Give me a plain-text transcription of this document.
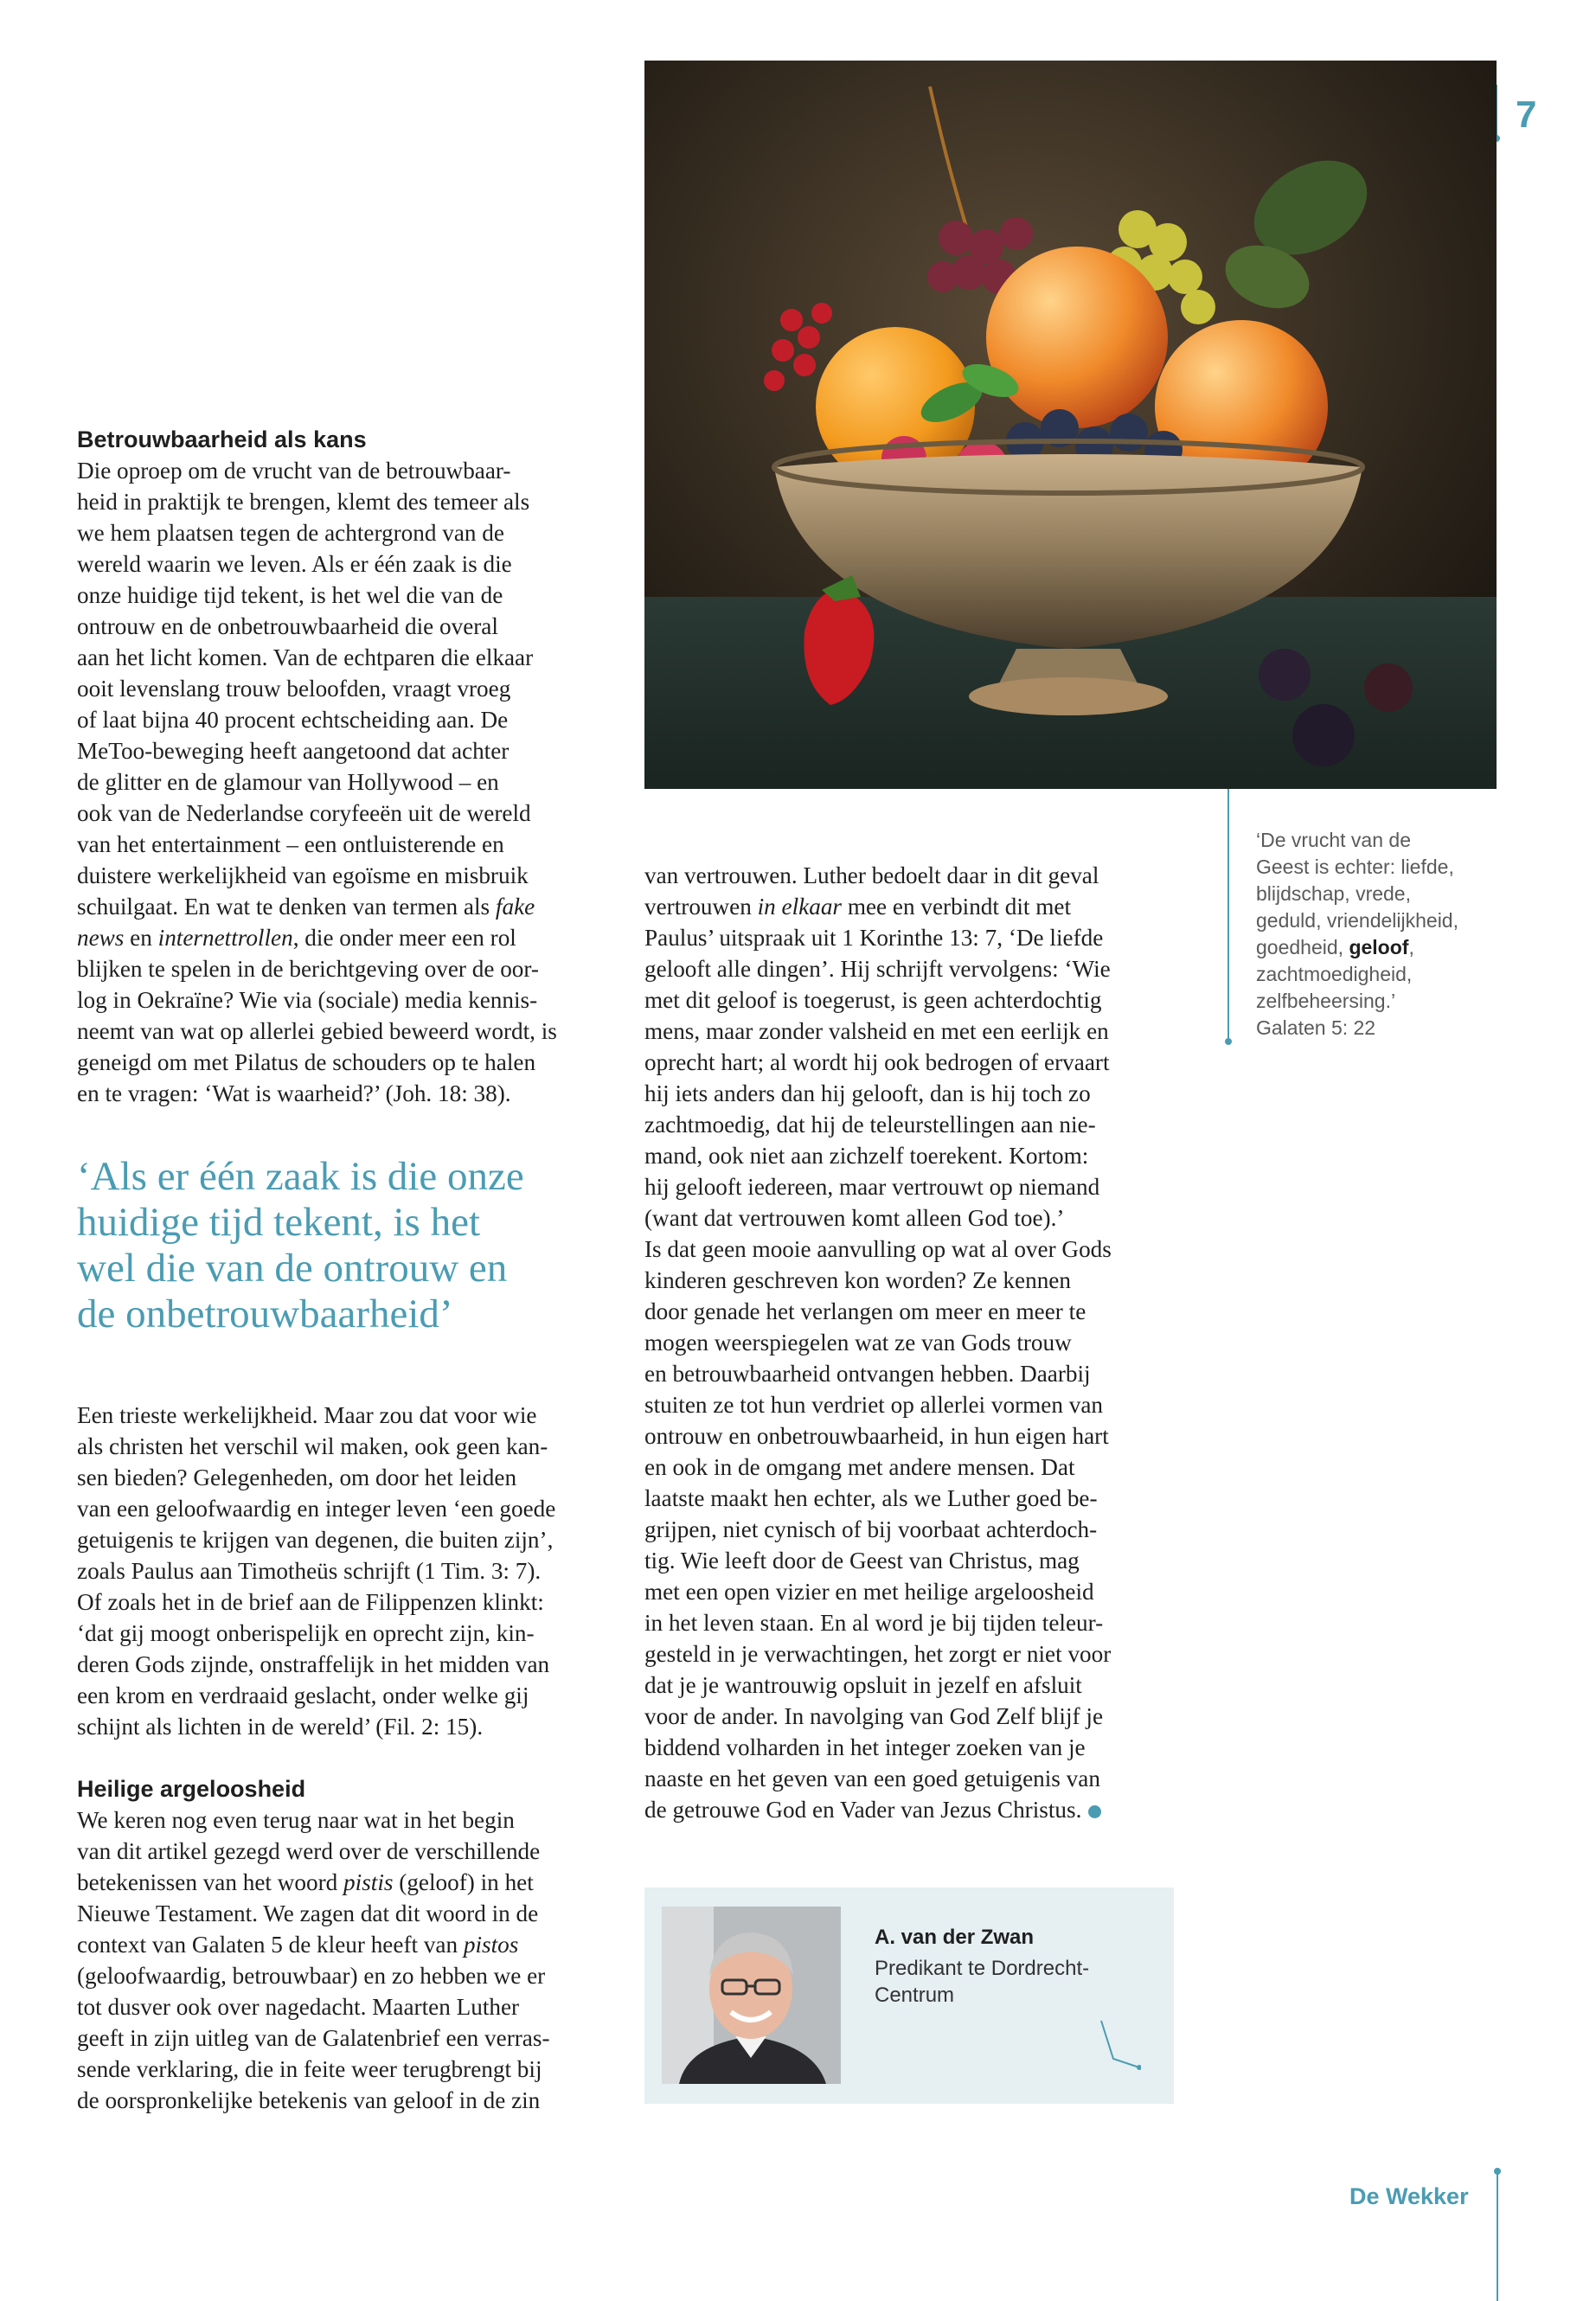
7

Betrouwbaarheid als kans

Die oproep om de vrucht van de betrouwbaar-
heid in praktijk te brengen, klemt des temeer als
we hem plaatsen tegen de achtergrond van de
wereld waarin we leven. Als er één zaak is die
onze huidige tijd tekent, is het wel die van de
ontrouw en de onbetrouwbaarheid die overal
aan het licht komen. Van de echtparen die elkaar
ooit levenslang trouw beloofden, vraagt vroeg
of laat bijna 40 procent echtscheiding aan. De
MeToo-beweging heeft aangetoond dat achter
de glitter en de glamour van Hollywood – en
ook van de Nederlandse coryfeeën uit de wereld
van het entertainment – een ontluisterende en
duistere werkelijkheid van egoïsme en misbruik
schuilgaat. En wat te denken van termen als fake
news en internettrollen, die onder meer een rol
blijken te spelen in de berichtgeving over de oor-
log in Oekraïne? Wie via (sociale) media kennis-
neemt van wat op allerlei gebied beweerd wordt, is
geneigd om met Pilatus de schouders op te halen
en te vragen: ‘Wat is waarheid?’ (Joh. 18: 38).

‘Als er één zaak is die onze
huidige tijd tekent, is het
wel die van de ontrouw en
de onbetrouwbaarheid’

Een trieste werkelijkheid. Maar zou dat voor wie
als christen het verschil wil maken, ook geen kan-
sen bieden? Gelegenheden, om door het leiden
van een geloofwaardig en integer leven ‘een goede
getuigenis te krijgen van degenen, die buiten zijn’,
zoals Paulus aan Timotheüs schrijft (1 Tim. 3: 7).
Of zoals het in de brief aan de Filippenzen klinkt:
‘dat gij moogt onberispelijk en oprecht zijn, kin-
deren Gods zijnde, onstraffelijk in het midden van
een krom en verdraaid geslacht, onder welke gij
schijnt als lichten in de wereld’ (Fil. 2: 15).

Heilige argeloosheid

We keren nog even terug naar wat in het begin
van dit artikel gezegd werd over de verschillende
betekenissen van het woord pistis (geloof) in het
Nieuwe Testament. We zagen dat dit woord in de
context van Galaten 5 de kleur heeft van pistos
(geloofwaardig, betrouwbaar) en zo hebben we er
tot dusver ook over nagedacht. Maarten Luther
geeft in zijn uitleg van de Galatenbrief een verras-
sende verklaring, die in feite weer terugbrengt bij
de oorspronkelijke betekenis van geloof in de zin

van vertrouwen. Luther bedoelt daar in dit geval
vertrouwen in elkaar mee en verbindt dit met
Paulus’ uitspraak uit 1 Korinthe 13: 7, ‘De liefde
gelooft alle dingen’. Hij schrijft vervolgens: ‘Wie
met dit geloof is toegerust, is geen achterdochtig
mens, maar zonder valsheid en met een eerlijk en
oprecht hart; al wordt hij ook bedrogen of ervaart
hij iets anders dan hij gelooft, dan is hij toch zo
zachtmoedig, dat hij de teleurstellingen aan nie-
mand, ook niet aan zichzelf toerekent. Kortom:
hij gelooft iedereen, maar vertrouwt op niemand
(want dat vertrouwen komt alleen God toe).’
Is dat geen mooie aanvulling op wat al over Gods
kinderen geschreven kon worden? Ze kennen
door genade het verlangen om meer en meer te
mogen weerspiegelen wat ze van Gods trouw
en betrouwbaarheid ontvangen hebben. Daarbij
stuiten ze tot hun verdriet op allerlei vormen van
ontrouw en onbetrouwbaarheid, in hun eigen hart
en ook in de omgang met andere mensen. Dat
laatste maakt hen echter, als we Luther goed be-
grijpen, niet cynisch of bij voorbaat achterdoch-
tig. Wie leeft door de Geest van Christus, mag
met een open vizier en met heilige argeloosheid
in het leven staan. En al word je bij tijden teleur-
gesteld in je verwachtingen, het zorgt er niet voor
dat je je wantrouwig opsluit in jezelf en afsluit
voor de ander. In navolging van God Zelf blijf je
biddend volharden in het integer zoeken van je
naaste en het geven van een goed getuigenis van
de getrouwe God en Vader van Jezus Christus.

‘De vrucht van de
Geest is echter: liefde,
blijdschap, vrede,
geduld, vriendelijkheid,
goedheid, geloof,
zachtmoedigheid,
zelfbeheersing.’
Galaten 5: 22
A. van der Zwan
Predikant te Dordrecht-
Centrum
De Wekker
